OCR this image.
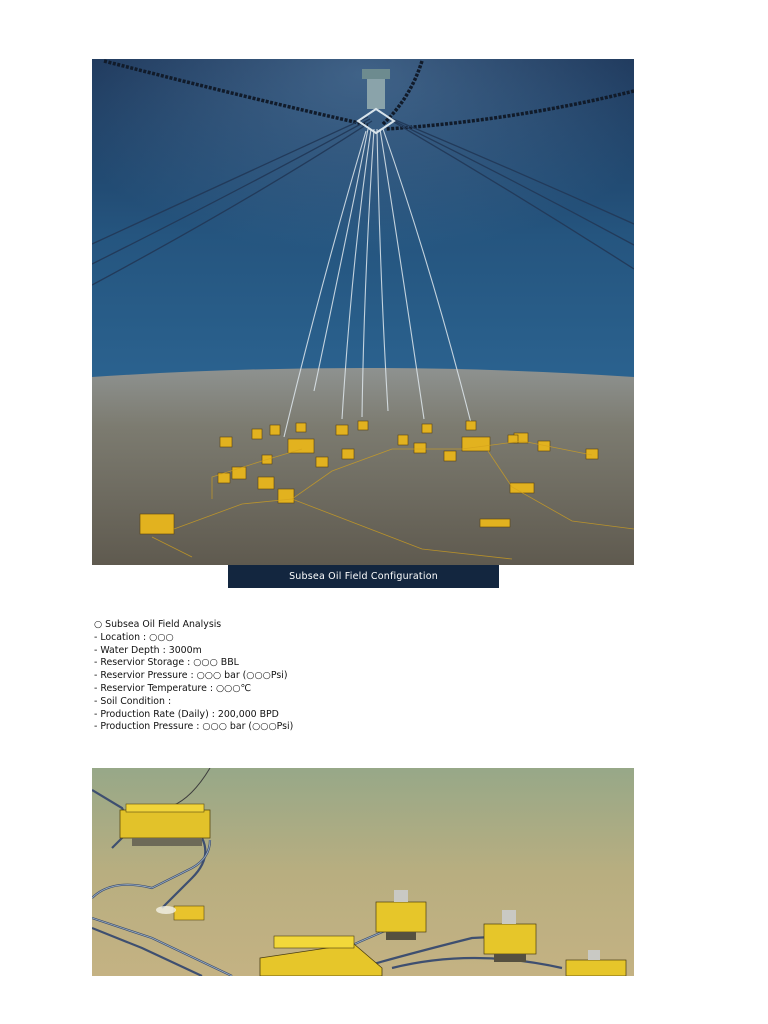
Subsea Oil Field Configuration
○ Subsea Oil Field Analysis
- Location : ○○○
- Water Depth : 3000m
- Reservior Storage : ○○○ BBL
- Reservior Pressure : ○○○ bar (○○○Psi)
- Reservior Temperature : ○○○℃
- Soil Condition :
- Production Rate (Daily) : 200,000 BPD
- Production Pressure : ○○○ bar (○○○Psi)
